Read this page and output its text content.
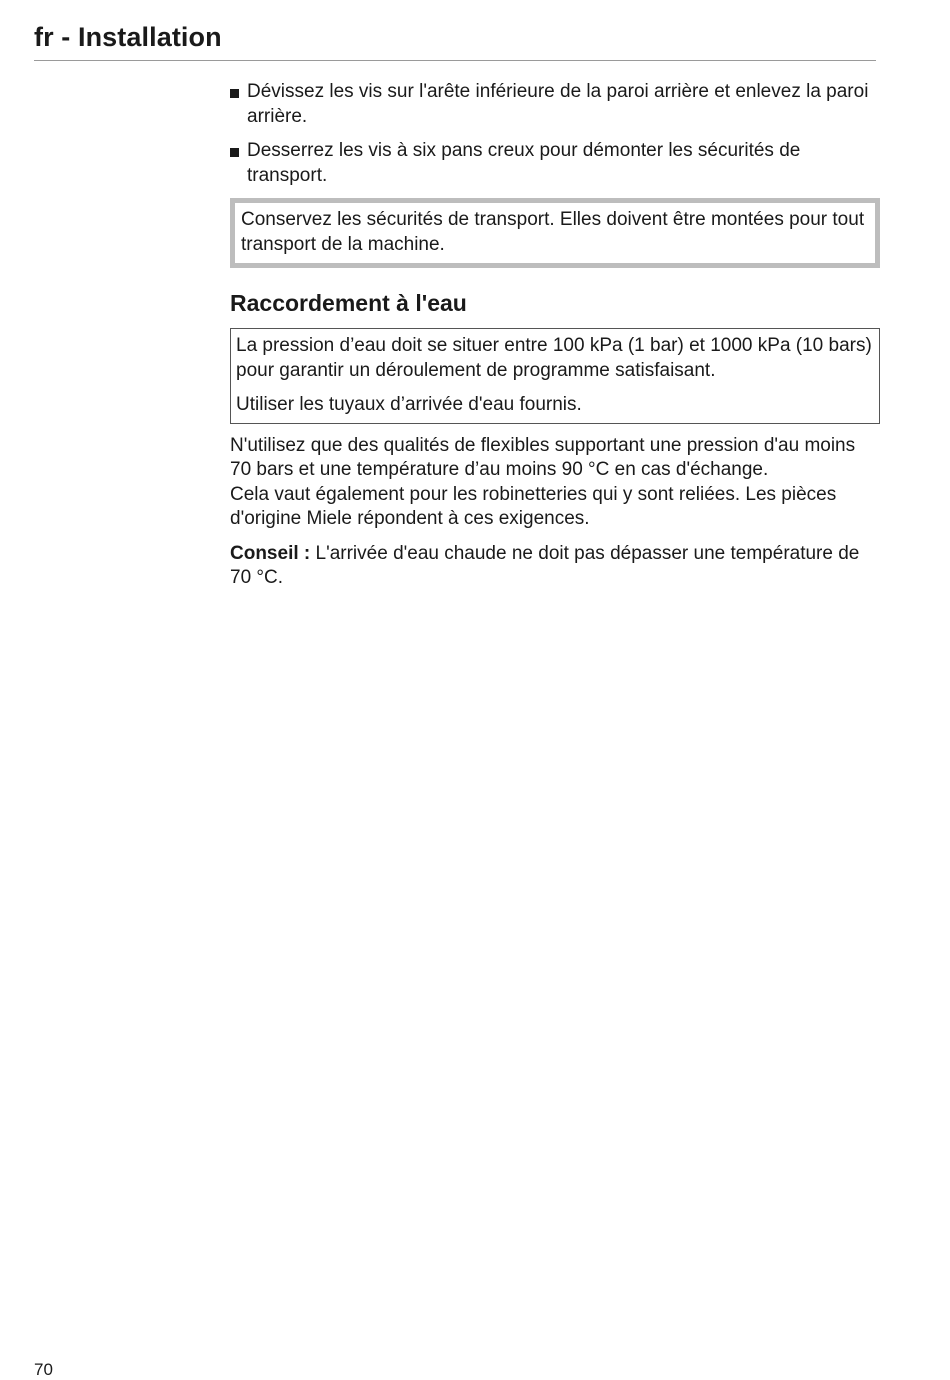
fr - Installation
Dévissez les vis sur l'arête inférieure de la paroi arrière et enlevez la paroi arrière.
Desserrez les vis à six pans creux pour démonter les sécurités de transport.
Conservez les sécurités de transport. Elles doivent être montées pour tout transport de la machine.
Raccordement à l'eau

La pression d’eau doit se situer entre 100 kPa (1 bar) et 1000 kPa (10 bars) pour garantir un déroulement de programme satisfaisant.

Utiliser les tuyaux d’arrivée d'eau fournis.

N'utilisez que des qualités de flexibles supportant une pression d'au moins 70 bars et une température d’au moins 90 °C en cas d'échange.
Cela vaut également pour les robinetteries qui y sont reliées. Les pièces d'origine Miele répondent à ces exigences.

Conseil : L'arrivée d'eau chaude ne doit pas dépasser une température de 70 °C.

70
